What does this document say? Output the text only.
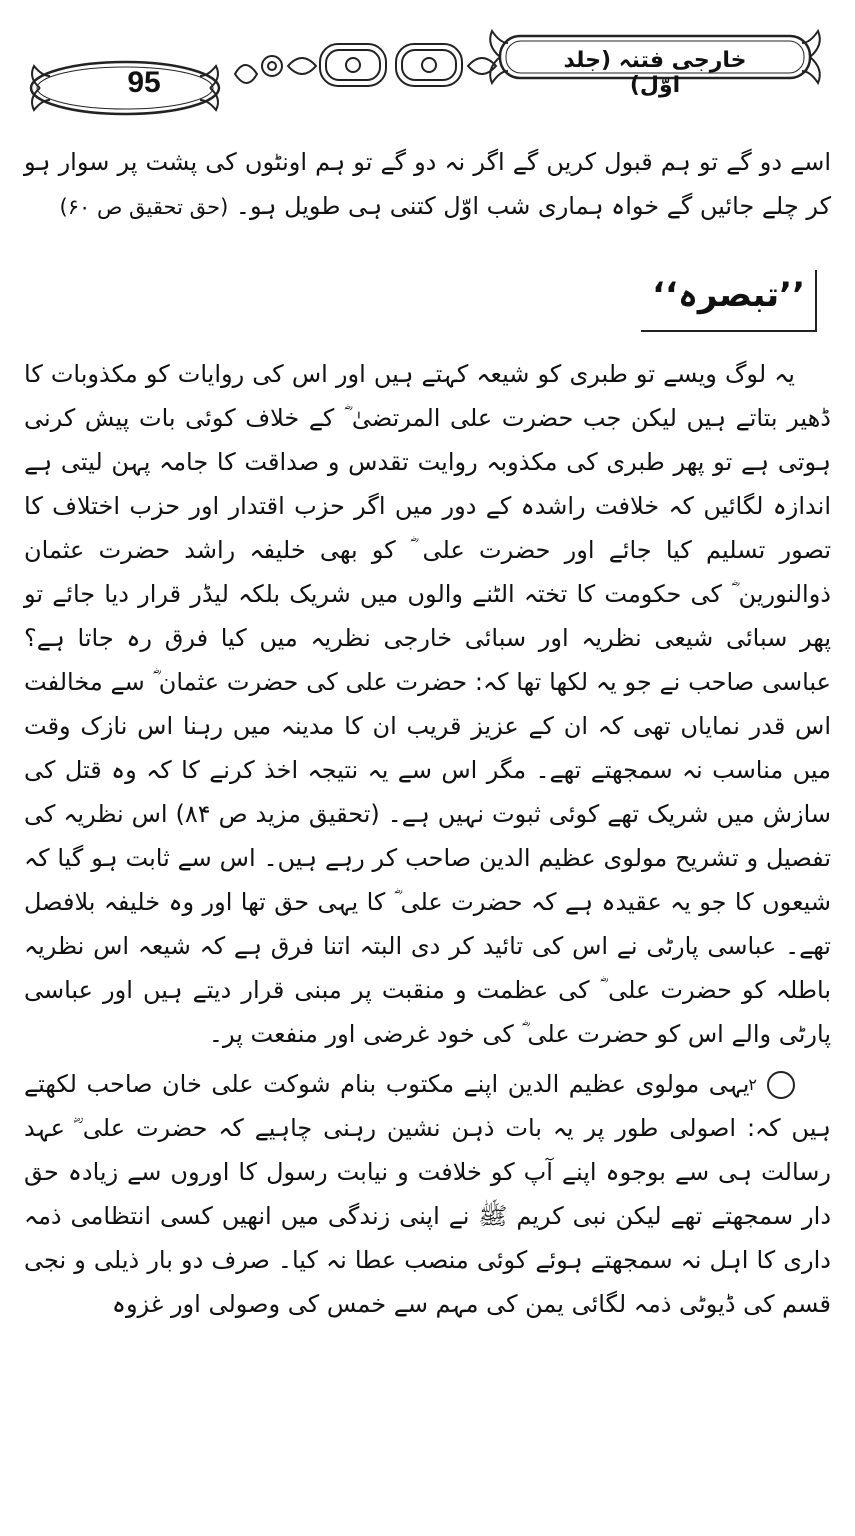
95
خارجی فتنہ (جلد اوّل)
اسے دو گے تو ہم قبول کریں گے اگر نہ دو گے تو ہم اونٹوں کی پشت پر سوار ہو کر چلے جائیں گے خواہ ہماری شب اوّل کتنی ہی طویل ہو۔ (حق تحقیق ص ۶۰)
’’تبصرہ‘‘

یہ لوگ ویسے تو طبری کو شیعہ کہتے ہیں اور اس کی روایات کو مکذوبات کا ڈھیر بتاتے ہیں لیکن جب حضرت علی المرتضیٰ ؓ کے خلاف کوئی بات پیش کرنی ہوتی ہے تو پھر طبری کی مکذوبہ روایت تقدس و صداقت کا جامہ پہن لیتی ہے اندازہ لگائیں کہ خلافت راشدہ کے دور میں اگر حزب اقتدار اور حزب اختلاف کا تصور تسلیم کیا جائے اور حضرت علی ؓ کو بھی خلیفہ راشد حضرت عثمان ذوالنورین ؓ کی حکومت کا تختہ الٹنے والوں میں شریک بلکہ لیڈر قرار دیا جائے تو پھر سبائی شیعی نظریہ اور سبائی خارجی نظریہ میں کیا فرق رہ جاتا ہے؟ عباسی صاحب نے جو یہ لکھا تھا کہ: حضرت علی کی حضرت عثمان ؓ سے مخالفت اس قدر نمایاں تھی کہ ان کے عزیز قریب ان کا مدینہ میں رہنا اس نازک وقت میں مناسب نہ سمجھتے تھے۔ مگر اس سے یہ نتیجہ اخذ کرنے کا کہ وہ قتل کی سازش میں شریک تھے کوئی ثبوت نہیں ہے۔ (تحقیق مزید ص ۸۴) اس نظریہ کی تفصیل و تشریح مولوی عظیم الدین صاحب کر رہے ہیں۔ اس سے ثابت ہو گیا کہ شیعوں کا جو یہ عقیدہ ہے کہ حضرت علی ؓ کا یہی حق تھا اور وہ خلیفہ بلافصل تھے۔ عباسی پارٹی نے اس کی تائید کر دی البتہ اتنا فرق ہے کہ شیعہ اس نظریہ باطلہ کو حضرت علی ؓ کی عظمت و منقبت پر مبنی قرار دیتے ہیں اور عباسی پارٹی والے اس کو حضرت علی ؓ کی خود غرضی اور منفعت پر۔

۲ یہی مولوی عظیم الدین اپنے مکتوب بنام شوکت علی خان صاحب لکھتے ہیں کہ: اصولی طور پر یہ بات ذہن نشین رہنی چاہیے کہ حضرت علی ؓ عہد رسالت ہی سے بوجوہ اپنے آپ کو خلافت و نیابت رسول کا اوروں سے زیادہ حق دار سمجھتے تھے لیکن نبی کریم ﷺ نے اپنی زندگی میں انھیں کسی انتظامی ذمہ داری کا اہل نہ سمجھتے ہوئے کوئی منصب عطا نہ کیا۔ صرف دو بار ذیلی و نجی قسم کی ڈیوٹی ذمہ لگائی یمن کی مہم سے خمس کی وصولی اور غزوہ
